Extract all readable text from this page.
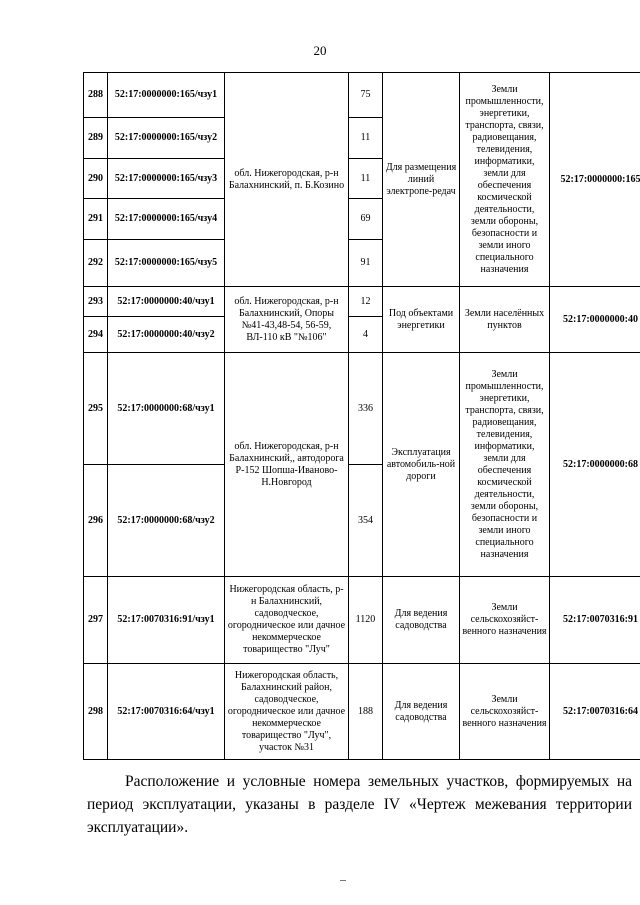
20
288	52:17:0000000:165/чзу1	обл. Нижегородская, р-н Балахнинский, п. Б.Козино	75	Для размещения линий электропе-редач	Земли промышленности, энергетики, транспорта, связи, радиовещания, телевидения, информатики, земли для обеспечения космической деятельности, земли обороны, безопасности и земли иного специального назначения	52:17:0000000:165
289	52:17:0000000:165/чзу2		11			
290	52:17:0000000:165/чзу3		11			
291	52:17:0000000:165/чзу4		69			
292	52:17:0000000:165/чзу5		91			
293	52:17:0000000:40/чзу1	обл. Нижегородская, р-н Балахнинский, Опоры №41-43,48-54, 56-59, ВЛ-110 кВ "№106"	12	Под объектами энергетики	Земли населённых пунктов	52:17:0000000:40
294	52:17:0000000:40/чзу2		4			
295	52:17:0000000:68/чзу1	обл. Нижегородская, р-н Балахнинский,, автодорога Р-152 Шопша-Иваново-Н.Новгород	336	Эксплуатация автомобиль-ной дороги	Земли промышленности, энергетики, транспорта, связи, радиовещания, телевидения, информатики, земли для обеспечения космической деятельности, земли обороны, безопасности и земли иного специального назначения	52:17:0000000:68
296	52:17:0000000:68/чзу2		354			
297	52:17:0070316:91/чзу1	Нижегородская область, р-н Балахнинский, садоводческое, огородническое или дачное некоммерческое товарищество "Луч"	1120	Для ведения садоводства	Земли сельскохозяйст-венного назначения	52:17:0070316:91
298	52:17:0070316:64/чзу1	Нижегородская область, Балахнинский район, садоводческое, огородническое или дачное некоммерческое товарищество "Луч", участок №31	188	Для ведения садоводства	Земли сельскохозяйст-венного назначения	52:17:0070316:64
Расположение и условные номера земельных участков, формируемых на период эксплуатации, указаны в разделе IV «Чертеж межевания территории эксплуатации».
